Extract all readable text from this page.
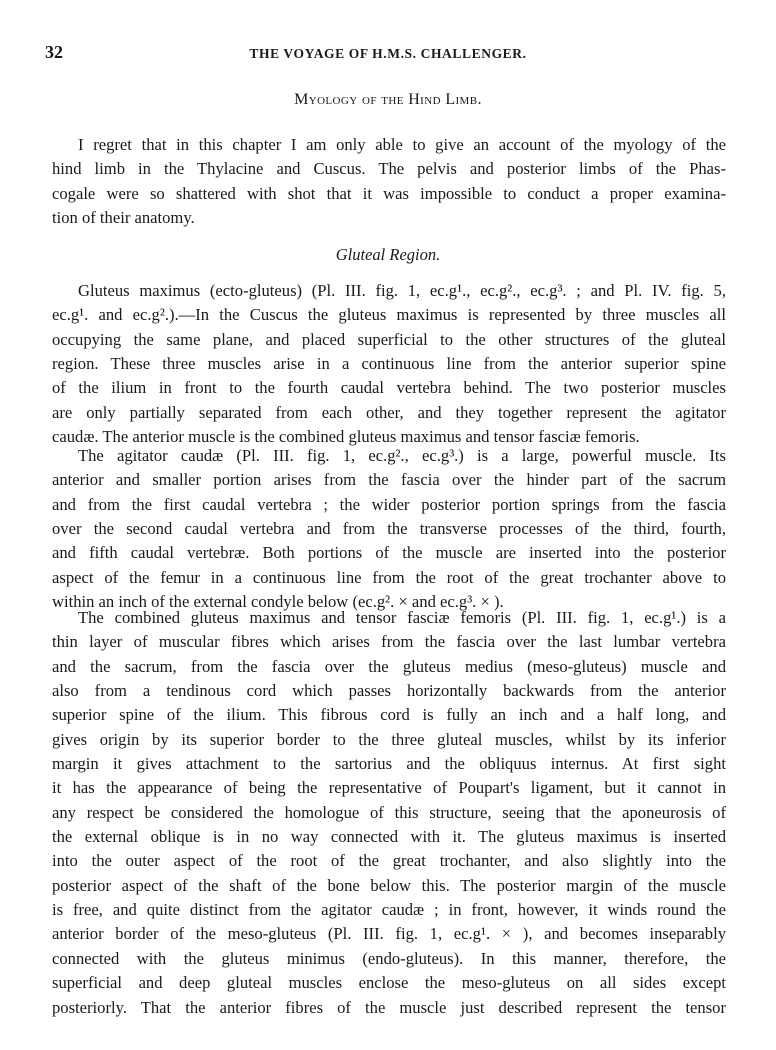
32	THE VOYAGE OF H.M.S. CHALLENGER.
Myology of the Hind Limb.
I regret that in this chapter I am only able to give an account of the myology of the
hind limb in the Thylacine and Cuscus. The pelvis and posterior limbs of the Phas-
cogale were so shattered with shot that it was impossible to conduct a proper examina-
tion of their anatomy.
Gluteal Region.
Gluteus maximus (ecto-gluteus) (Pl. III. fig. 1, ec.g¹., ec.g²., ec.g³. ; and Pl. IV. fig. 5,
ec.g¹. and ec.g².).—In the Cuscus the gluteus maximus is represented by three muscles all
occupying the same plane, and placed superficial to the other structures of the gluteal
region. These three muscles arise in a continuous line from the anterior superior spine
of the ilium in front to the fourth caudal vertebra behind. The two posterior muscles
are only partially separated from each other, and they together represent the agitator
caudæ. The anterior muscle is the combined gluteus maximus and tensor fasciæ femoris.
The agitator caudæ (Pl. III. fig. 1, ec.g²., ec.g³.) is a large, powerful muscle. Its
anterior and smaller portion arises from the fascia over the hinder part of the sacrum
and from the first caudal vertebra ; the wider posterior portion springs from the fascia
over the second caudal vertebra and from the transverse processes of the third, fourth,
and fifth caudal vertebræ. Both portions of the muscle are inserted into the posterior
aspect of the femur in a continuous line from the root of the great trochanter above to
within an inch of the external condyle below (ec.g². × and ec.g³. × ).
The combined gluteus maximus and tensor fasciæ femoris (Pl. III. fig. 1, ec.g¹.) is a
thin layer of muscular fibres which arises from the fascia over the last lumbar vertebra
and the sacrum, from the fascia over the gluteus medius (meso-gluteus) muscle and
also from a tendinous cord which passes horizontally backwards from the anterior
superior spine of the ilium. This fibrous cord is fully an inch and a half long, and
gives origin by its superior border to the three gluteal muscles, whilst by its inferior
margin it gives attachment to the sartorius and the obliquus internus. At first sight
it has the appearance of being the representative of Poupart's ligament, but it cannot in
any respect be considered the homologue of this structure, seeing that the aponeurosis of
the external oblique is in no way connected with it. The gluteus maximus is inserted
into the outer aspect of the root of the great trochanter, and also slightly into the
posterior aspect of the shaft of the bone below this. The posterior margin of the muscle
is free, and quite distinct from the agitator caudæ ; in front, however, it winds round the
anterior border of the meso-gluteus (Pl. III. fig. 1, ec.g¹. × ), and becomes inseparably
connected with the gluteus minimus (endo-gluteus). In this manner, therefore, the
superficial and deep gluteal muscles enclose the meso-gluteus on all sides except
posteriorly. That the anterior fibres of the muscle just described represent the tensor
